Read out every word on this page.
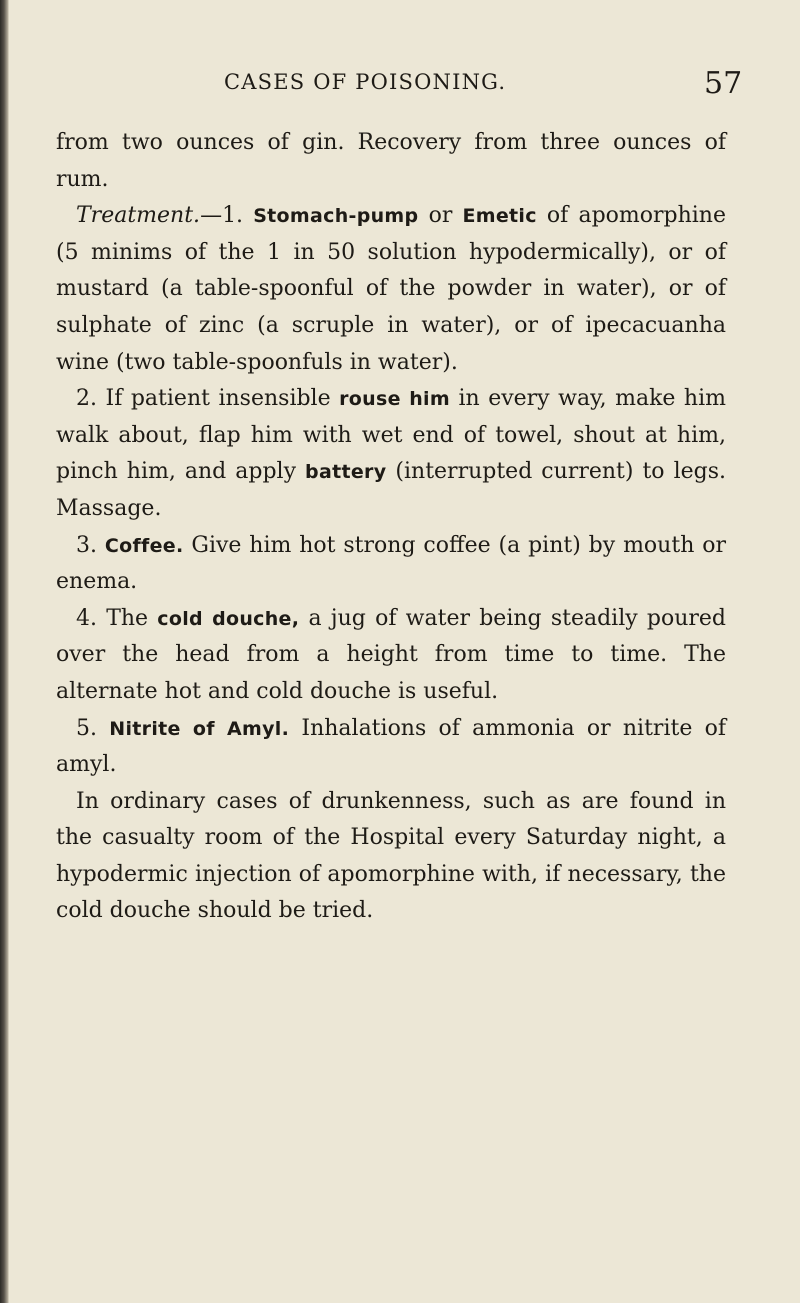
CASES OF POISONING.	57

from two ounces of gin. Recovery from three ounces of rum.

Treatment.—1. Stomach-pump or Emetic of apomorphine (5 minims of the 1 in 50 solution hypodermically), or of mustard (a table-spoonful of the powder in water), or of sulphate of zinc (a scruple in water), or of ipecacuanha wine (two table-spoonfuls in water).

2. If patient insensible rouse him in every way, make him walk about, flap him with wet end of towel, shout at him, pinch him, and apply battery (interrupted current) to legs. Massage.

3. Coffee. Give him hot strong coffee (a pint) by mouth or enema.

4. The cold douche, a jug of water being steadily poured over the head from a height from time to time. The alternate hot and cold douche is useful.

5. Nitrite of Amyl. Inhalations of ammonia or nitrite of amyl.

In ordinary cases of drunkenness, such as are found in the casualty room of the Hospital every Saturday night, a hypodermic injection of apomorphine with, if necessary, the cold douche should be tried.
